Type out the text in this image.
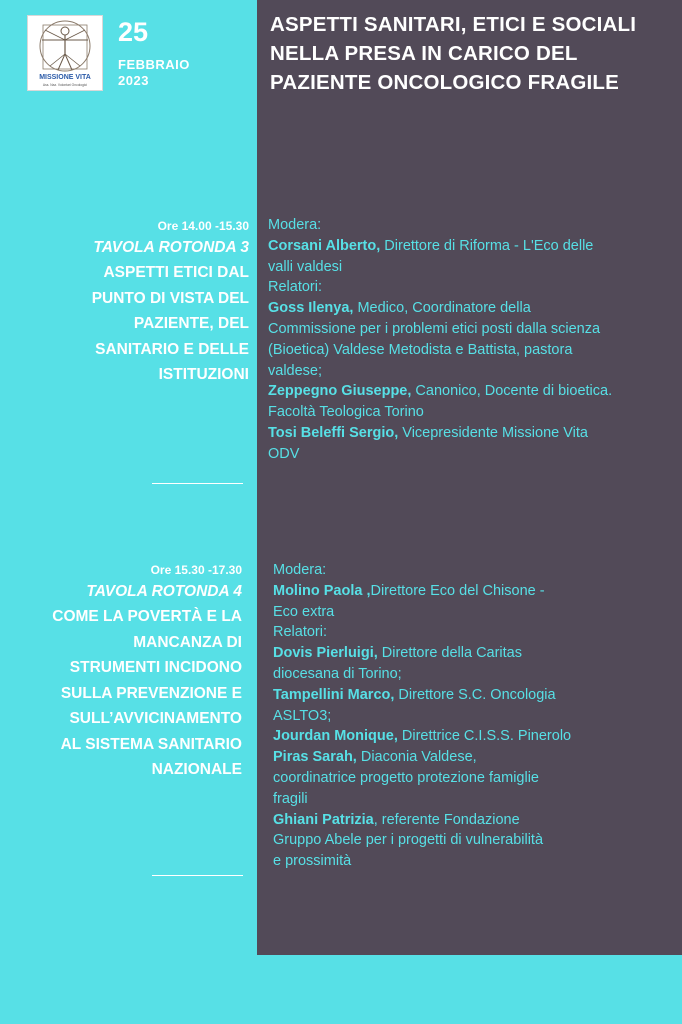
MISSIONE VITA
Ass. Naz. Volontari Oncologici
25
FEBBRAIO
2023
ASPETTI SANITARI, ETICI E SOCIALI NELLA PRESA IN CARICO DEL PAZIENTE ONCOLOGICO FRAGILE
Ore 14.00 -15.30
TAVOLA ROTONDA 3

ASPETTI ETICI DAL

PUNTO DI VISTA DEL

PAZIENTE, DEL

SANITARIO E DELLE

ISTITUZIONI

Modera:
Corsani Alberto, Direttore di Riforma - L'Eco delle
valli valdesi
Relatori:
Goss Ilenya, Medico, Coordinatore della
Commissione per i problemi etici posti dalla scienza
(Bioetica) Valdese Metodista e Battista, pastora
valdese;
Zeppegno Giuseppe, Canonico, Docente di bioetica.
Facoltà Teologica Torino
Tosi Beleffi Sergio, Vicepresidente Missione Vita
ODV
Ore 15.30 -17.30
TAVOLA ROTONDA 4

COME LA POVERTÀ E LA

MANCANZA DI

STRUMENTI INCIDONO

SULLA PREVENZIONE E

SULL’AVVICINAMENTO

AL SISTEMA SANITARIO

NAZIONALE

Modera:
Molino Paola ,Direttore Eco del Chisone -
Eco extra
Relatori:
Dovis Pierluigi, Direttore della Caritas
diocesana di Torino;
Tampellini Marco, Direttore S.C. Oncologia
ASLTO3;
Jourdan Monique, Direttrice C.I.S.S. Pinerolo
Piras Sarah, Diaconia Valdese,
coordinatrice progetto protezione famiglie
fragili
Ghiani Patrizia, referente Fondazione
Gruppo Abele per i progetti di vulnerabilità
e prossimità
